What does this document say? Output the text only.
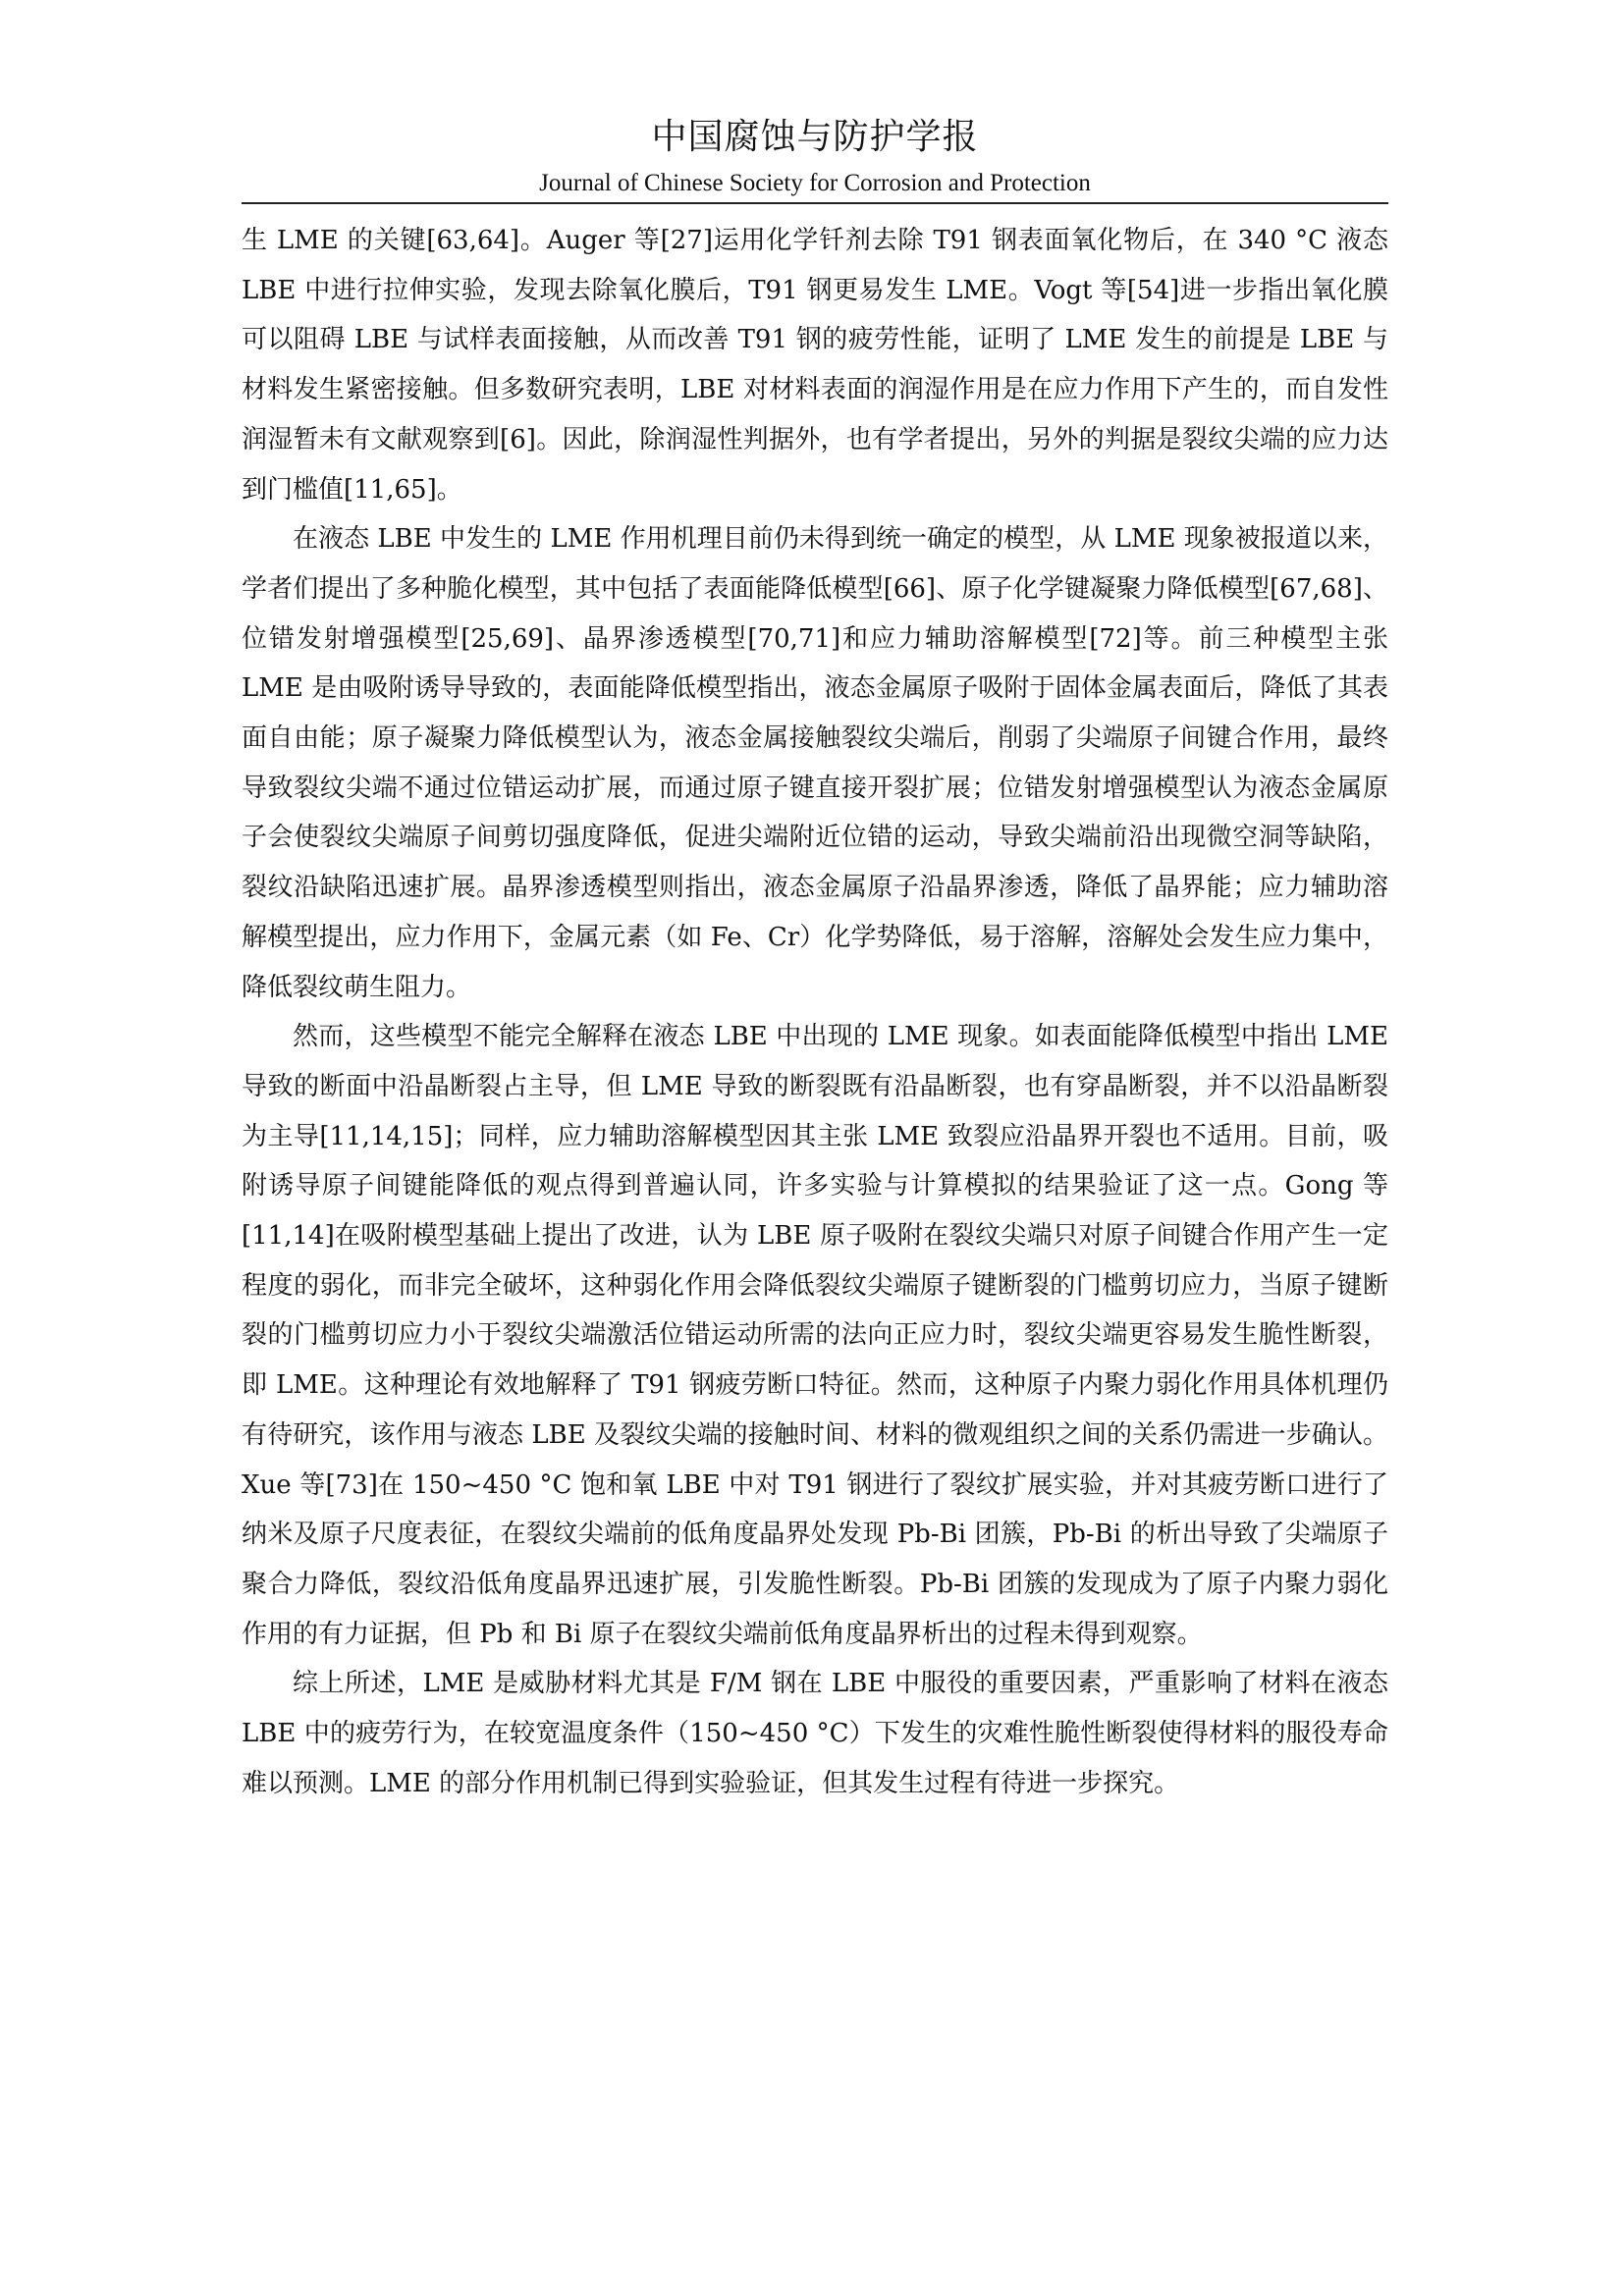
中国腐蚀与防护学报
Journal of Chinese Society for Corrosion and Protection

生 LME 的关键[63,64]。Auger 等[27]运用化学钎剂去除 T91 钢表面氧化物后，在 340 °C 液态 LBE 中进行拉伸实验，发现去除氧化膜后，T91 钢更易发生 LME。Vogt 等[54]进一步指出氧化膜可以阻碍 LBE 与试样表面接触，从而改善 T91 钢的疲劳性能，证明了 LME 发生的前提是 LBE 与材料发生紧密接触。但多数研究表明，LBE 对材料表面的润湿作用是在应力作用下产生的，而自发性润湿暂未有文献观察到[6]。因此，除润湿性判据外，也有学者提出，另外的判据是裂纹尖端的应力达到门槛值[11,65]。

在液态 LBE 中发生的 LME 作用机理目前仍未得到统一确定的模型，从 LME 现象被报道以来，学者们提出了多种脆化模型，其中包括了表面能降低模型[66]、原子化学键凝聚力降低模型[67,68]、位错发射增强模型[25,69]、晶界渗透模型[70,71]和应力辅助溶解模型[72]等。前三种模型主张 LME 是由吸附诱导导致的，表面能降低模型指出，液态金属原子吸附于固体金属表面后，降低了其表面自由能；原子凝聚力降低模型认为，液态金属接触裂纹尖端后，削弱了尖端原子间键合作用，最终导致裂纹尖端不通过位错运动扩展，而通过原子键直接开裂扩展；位错发射增强模型认为液态金属原子会使裂纹尖端原子间剪切强度降低，促进尖端附近位错的运动，导致尖端前沿出现微空洞等缺陷，裂纹沿缺陷迅速扩展。晶界渗透模型则指出，液态金属原子沿晶界渗透，降低了晶界能；应力辅助溶解模型提出，应力作用下，金属元素（如 Fe、Cr）化学势降低，易于溶解，溶解处会发生应力集中，降低裂纹萌生阻力。

然而，这些模型不能完全解释在液态 LBE 中出现的 LME 现象。如表面能降低模型中指出 LME 导致的断面中沿晶断裂占主导，但 LME 导致的断裂既有沿晶断裂，也有穿晶断裂，并不以沿晶断裂为主导[11,14,15]；同样，应力辅助溶解模型因其主张 LME 致裂应沿晶界开裂也不适用。目前，吸附诱导原子间键能降低的观点得到普遍认同，许多实验与计算模拟的结果验证了这一点。Gong 等[11,14]在吸附模型基础上提出了改进，认为 LBE 原子吸附在裂纹尖端只对原子间键合作用产生一定程度的弱化，而非完全破坏，这种弱化作用会降低裂纹尖端原子键断裂的门槛剪切应力，当原子键断裂的门槛剪切应力小于裂纹尖端激活位错运动所需的法向正应力时，裂纹尖端更容易发生脆性断裂，即 LME。这种理论有效地解释了 T91 钢疲劳断口特征。然而，这种原子内聚力弱化作用具体机理仍有待研究，该作用与液态 LBE 及裂纹尖端的接触时间、材料的微观组织之间的关系仍需进一步确认。Xue 等[73]在 150~450 °C 饱和氧 LBE 中对 T91 钢进行了裂纹扩展实验，并对其疲劳断口进行了纳米及原子尺度表征，在裂纹尖端前的低角度晶界处发现 Pb-Bi 团簇，Pb-Bi 的析出导致了尖端原子聚合力降低，裂纹沿低角度晶界迅速扩展，引发脆性断裂。Pb-Bi 团簇的发现成为了原子内聚力弱化作用的有力证据，但 Pb 和 Bi 原子在裂纹尖端前低角度晶界析出的过程未得到观察。

综上所述，LME 是威胁材料尤其是 F/M 钢在 LBE 中服役的重要因素，严重影响了材料在液态 LBE 中的疲劳行为，在较宽温度条件（150~450 °C）下发生的灾难性脆性断裂使得材料的服役寿命难以预测。LME 的部分作用机制已得到实验验证，但其发生过程有待进一步探究。
